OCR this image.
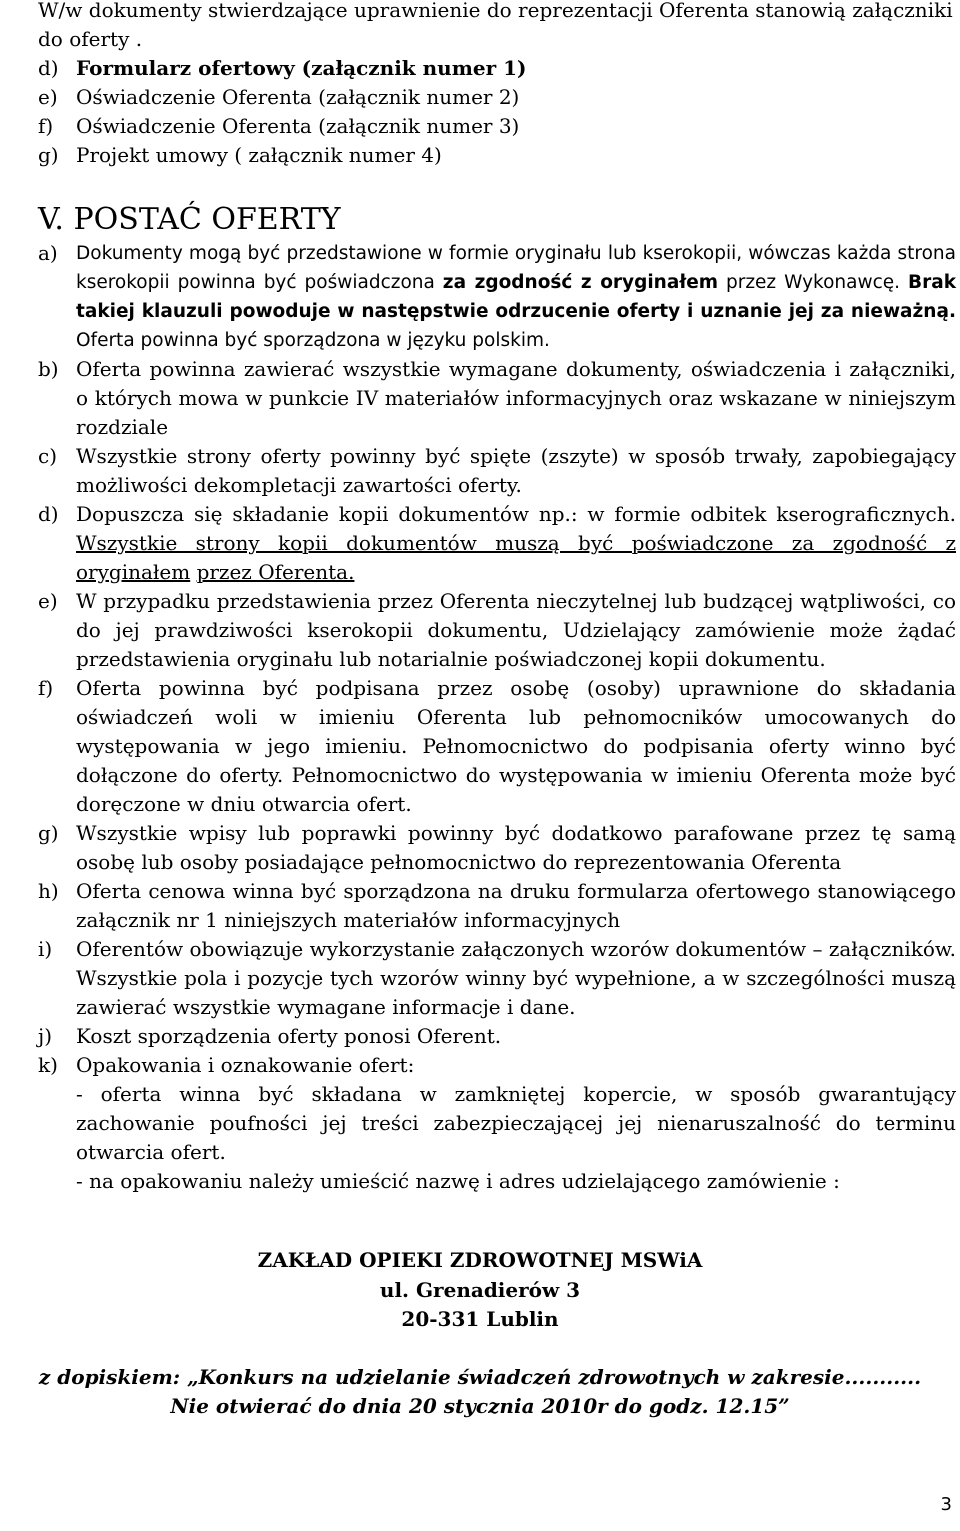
W/w dokumenty stwierdzające uprawnienie do reprezentacji Oferenta stanowią załączniki
do oferty .
d) Formularz ofertowy (załącznik numer 1)
e) Oświadczenie Oferenta (załącznik numer 2)
f)	Oświadczenie Oferenta (załącznik numer 3)
g) Projekt umowy ( załącznik numer 4)
V. POSTAĆ OFERTY
a) Dokumenty mogą być przedstawione w formie oryginału lub kserokopii, wówczas każda strona kserokopii powinna być poświadczona za zgodność z oryginałem przez Wykonawcę. Brak takiej klauzuli powoduje w następstwie odrzucenie oferty i uznanie jej za nieważną. Oferta powinna być sporządzona w języku polskim.
b) Oferta powinna zawierać wszystkie wymagane dokumenty, oświadczenia i załączniki, o których mowa w punkcie IV materiałów informacyjnych oraz wskazane w niniejszym rozdziale
c) Wszystkie strony oferty powinny być spięte (zszyte) w sposób trwały, zapobiegający możliwości dekompletacji zawartości oferty.
d) Dopuszcza się składanie kopii dokumentów np.: w formie odbitek kserograficznych. Wszystkie strony kopii dokumentów muszą być poświadczone za zgodność z oryginałem przez Oferenta.
e) W przypadku przedstawienia przez Oferenta nieczytelnej lub budzącej wątpliwości, co do jej prawdziwości kserokopii dokumentu, Udzielający zamówienie może żądać przedstawienia oryginału lub notarialnie poświadczonej kopii dokumentu.
f)	Oferta powinna być podpisana przez osobę (osoby) uprawnione do składania oświadczeń woli w imieniu Oferenta lub pełnomocników umocowanych do występowania w jego imieniu. Pełnomocnictwo do podpisania oferty winno być dołączone do oferty. Pełnomocnictwo do występowania w imieniu Oferenta może być doręczone w dniu otwarcia ofert.
g) Wszystkie wpisy lub poprawki powinny być dodatkowo parafowane przez tę samą osobę lub osoby posiadające pełnomocnictwo do reprezentowania Oferenta
h) Oferta cenowa winna być sporządzona na druku formularza ofertowego stanowiącego załącznik nr 1 niniejszych materiałów informacyjnych
i)	Oferentów obowiązuje wykorzystanie załączonych wzorów dokumentów – załączników. Wszystkie pola i pozycje tych wzorów winny być wypełnione, a w szczególności muszą zawierać wszystkie wymagane informacje i dane.
j)	Koszt sporządzenia oferty ponosi Oferent.
k) Opakowania i oznakowanie ofert:
- oferta winna być składana w zamkniętej kopercie, w sposób gwarantujący zachowanie poufności jej treści zabezpieczającej jej nienaruszalność do terminu otwarcia ofert.
- na opakowaniu należy umieścić nazwę i adres udzielającego zamówienie :
ZAKŁAD OPIEKI ZDROWOTNEJ MSWiA
ul. Grenadierów 3
20-331 Lublin
z dopiskiem: „Konkurs na udzielanie świadczeń zdrowotnych w zakresie...........
Nie otwierać do dnia 20 stycznia 2010r do godz. 12.15”
3
